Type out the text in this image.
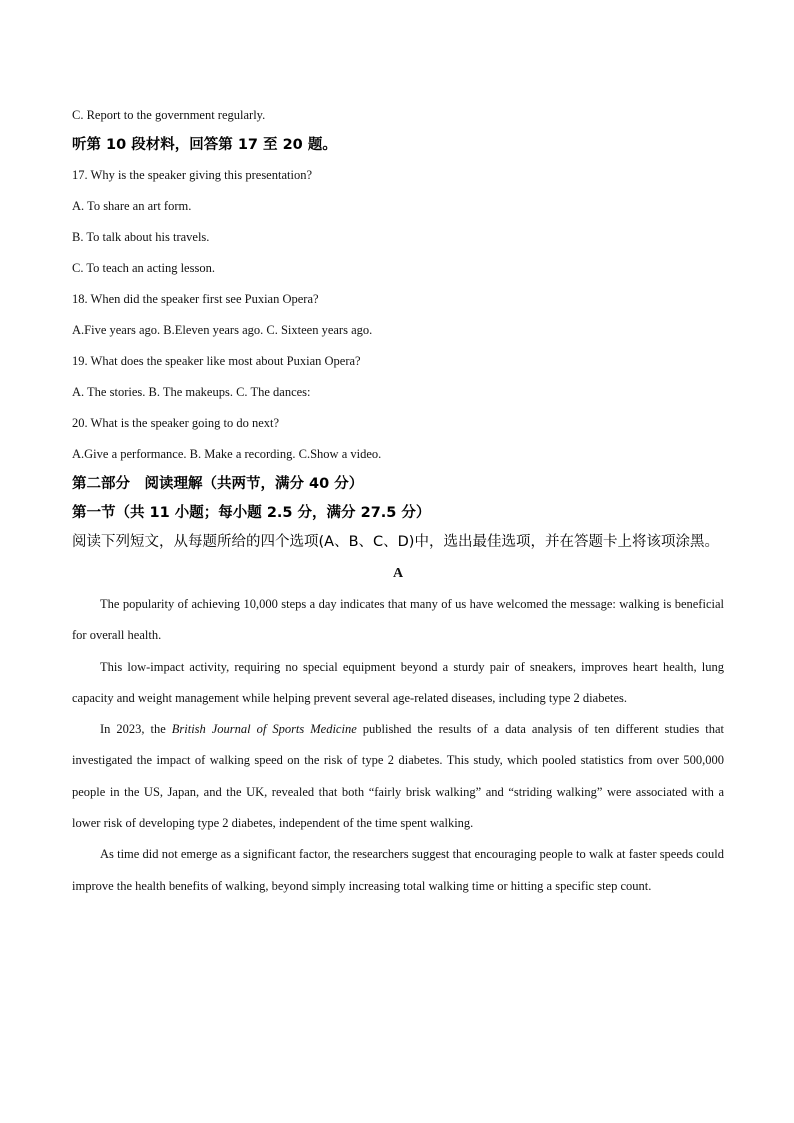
C. Report to the government regularly.
听第 10 段材料，回答第 17 至 20 题。
17. Why is the speaker giving this presentation?
A. To share an art form.
B. To talk about his travels.
C. To teach an acting lesson.
18. When did the speaker first see Puxian Opera?
A.Five years ago. B.Eleven years ago. C. Sixteen years ago.
19. What does the speaker like most about Puxian Opera?
A. The stories. B. The makeups. C. The dances:
20. What is the speaker going to do next?
A.Give a performance. B. Make a recording. C.Show a video.
第二部分　阅读理解（共两节，满分 40 分）
第一节（共 11 小题；每小题 2.5 分，满分 27.5 分）
阅读下列短文，从每题所给的四个选项(A、B、C、D)中，选出最佳选项，并在答题卡上将该项涂黑。
A

The popularity of achieving 10,000 steps a day indicates that many of us have welcomed the message: walking is beneficial for overall health.

This low-impact activity, requiring no special equipment beyond a sturdy pair of sneakers, improves heart health, lung capacity and weight management while helping prevent several age-related diseases, including type 2 diabetes.

In 2023, the British Journal of Sports Medicine published the results of a data analysis of ten different studies that investigated the impact of walking speed on the risk of type 2 diabetes. This study, which pooled statistics from over 500,000 people in the US, Japan, and the UK, revealed that both “fairly brisk walking” and “striding walking” were associated with a lower risk of developing type 2 diabetes, independent of the time spent walking.

As time did not emerge as a significant factor, the researchers suggest that encouraging people to walk at faster speeds could improve the health benefits of walking, beyond simply increasing total walking time or hitting a specific step count.
